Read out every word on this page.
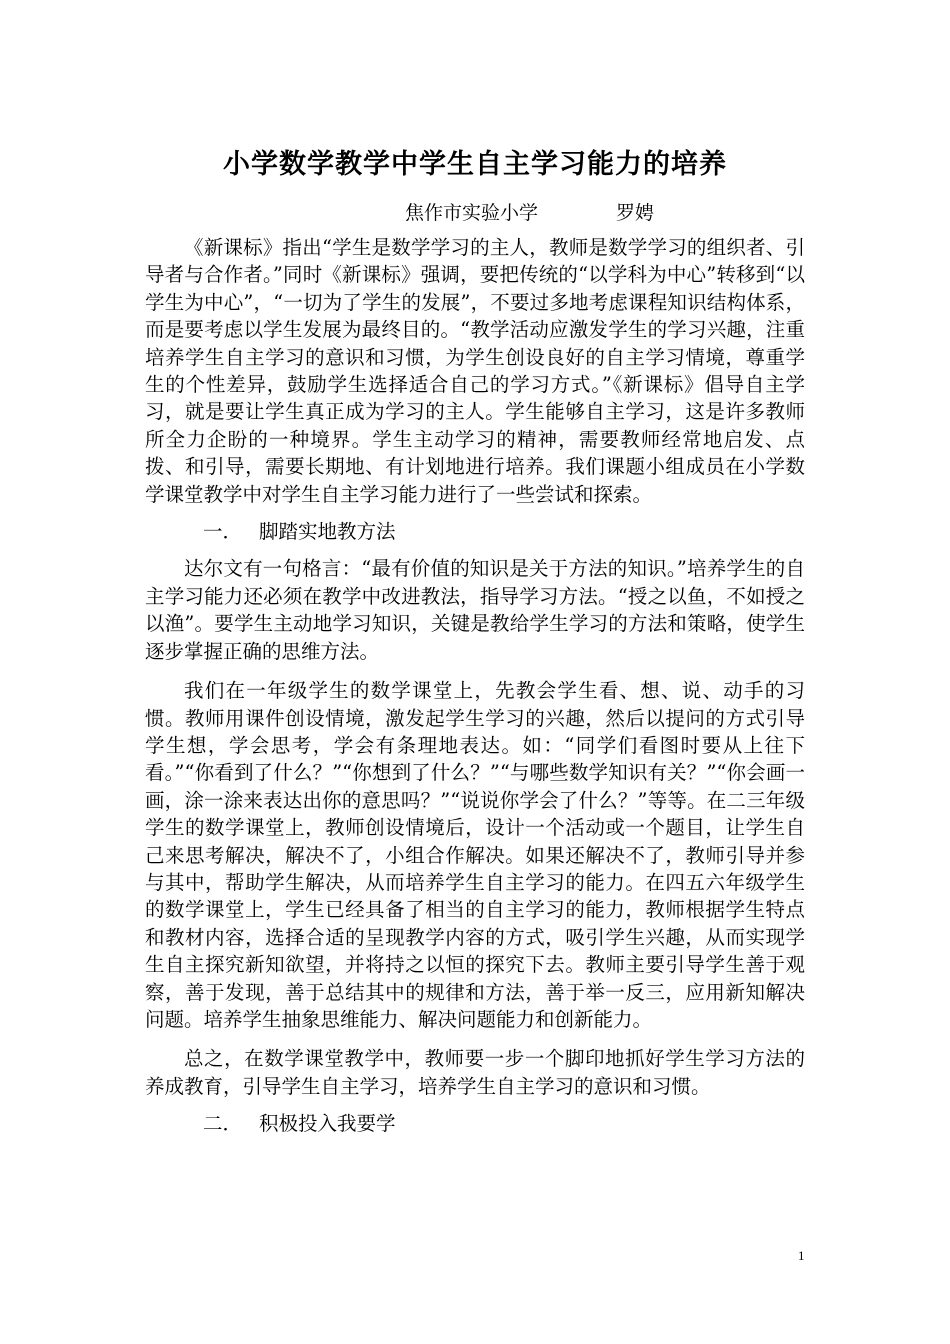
小学数学教学中学生自主学习能力的培养

焦作市实验小学	罗娉

《新课标》指出“学生是数学学习的主人，教师是数学学习的组织者、引导者与合作者。”同时《新课标》强调，要把传统的“以学科为中心”转移到“以学生为中心”，“一切为了学生的发展”，不要过多地考虑课程知识结构体系，而是要考虑以学生发展为最终目的。“教学活动应激发学生的学习兴趣，注重培养学生自主学习的意识和习惯，为学生创设良好的自主学习情境，尊重学生的个性差异，鼓励学生选择适合自己的学习方式。”《新课标》倡导自主学习，就是要让学生真正成为学习的主人。学生能够自主学习，这是许多教师所全力企盼的一种境界。学生主动学习的精神，需要教师经常地启发、点拨、和引导，需要长期地、有计划地进行培养。我们课题小组成员在小学数学课堂教学中对学生自主学习能力进行了一些尝试和探索。

一． 脚踏实地教方法

达尔文有一句格言：“最有价值的知识是关于方法的知识。”培养学生的自主学习能力还必须在教学中改进教法，指导学习方法。“授之以鱼，不如授之以渔”。要学生主动地学习知识，关键是教给学生学习的方法和策略，使学生逐步掌握正确的思维方法。

我们在一年级学生的数学课堂上，先教会学生看、想、说、动手的习惯。教师用课件创设情境，激发起学生学习的兴趣，然后以提问的方式引导学生想，学会思考，学会有条理地表达。如：“同学们看图时要从上往下看。”“你看到了什么？”“你想到了什么？”“与哪些数学知识有关？”“你会画一画，涂一涂来表达出你的意思吗？”“说说你学会了什么？”等等。在二三年级学生的数学课堂上，教师创设情境后，设计一个活动或一个题目，让学生自己来思考解决，解决不了，小组合作解决。如果还解决不了，教师引导并参与其中，帮助学生解决，从而培养学生自主学习的能力。在四五六年级学生的数学课堂上，学生已经具备了相当的自主学习的能力，教师根据学生特点和教材内容，选择合适的呈现教学内容的方式，吸引学生兴趣，从而实现学生自主探究新知欲望，并将持之以恒的探究下去。教师主要引导学生善于观察，善于发现，善于总结其中的规律和方法，善于举一反三，应用新知解决问题。培养学生抽象思维能力、解决问题能力和创新能力。

总之，在数学课堂教学中，教师要一步一个脚印地抓好学生学习方法的养成教育，引导学生自主学习，培养学生自主学习的意识和习惯。

二． 积极投入我要学
1
